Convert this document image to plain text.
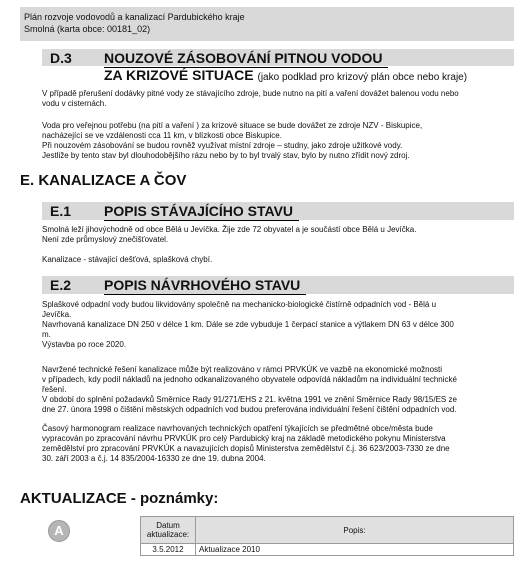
Plán rozvoje vodovodů a kanalizací Pardubického kraje
Smolná (karta obce: 00181_02)
D.3 NOUZOVÉ ZÁSOBOVÁNÍ PITNOU VODOU
ZA KRIZOVÉ SITUACE (jako podklad pro krizový plán obce nebo kraje)

V případě přerušení dodávky pitné vody ze stávajícího zdroje, bude nutno na pití a vaření dovážet balenou vodu nebo

vodu v cisternách.

Voda pro veřejnou potřebu (na pití a vaření ) za krizové situace se bude dovážet ze zdroje NZV - Biskupice,

nacházející se ve vzdálenosti cca 11 km, v blízkosti obce Biskupice.

Při nouzovém zásobování se budou rovněž využívat místní zdroje – studny, jako zdroje užitkové vody.

Jestliže by tento stav byl dlouhodobějšího rázu nebo by to byl trvalý stav, bylo by nutno zřídit nový zdroj.

E. KANALIZACE A ČOV
E.1 POPIS STÁVAJÍCÍHO STAVU

Smolná leží jihovýchodně od obce Bělá u Jevíčka. Žije zde 72 obyvatel a je součástí obce Bělá u Jevíčka.

Není zde průmyslový znečišťovatel.

Kanalizace - stávající dešťová, splašková chybí.

E.2 POPIS NÁVRHOVÉHO STAVU

Splaškové odpadní vody budou likvidovány společně na mechanicko-biologické čistírně odpadních vod - Bělá u

Jevíčka.

Navrhovaná kanalizace DN 250 v délce 1 km. Dále se zde vybuduje 1 čerpací stanice a výtlakem DN 63 v délce 300

m.

Výstavba po roce 2020.

Navržené technické řešení kanalizace může být realizováno v rámci PRVKÚK ve vazbě na ekonomické možnosti

v případech, kdy podíl nákladů na jednoho odkanalizovaného obyvatele odpovídá nákladům na individuální technické

řešení.

V období do splnění požadavků Směrnice Rady 91/271/EHS z 21. května 1991 ve znění Směrnice Rady 98/15/ES ze

dne 27. února 1998 o čištění městských odpadních vod budou preferována individuální řešení čištění odpadních vod.

Časový harmonogram realizace navrhovaných technických opatření týkajících se předmětné obce/města bude

vypracován po zpracování návrhu PRVKÚK pro celý Pardubický kraj na základě metodického pokynu Ministerstva

zemědělství pro zpracování PRVKÚK a navazujících dopisů Ministerstva zemědělství č.j. 36 623/2003-7330 ze dne

30. září 2003 a č.j. 14 835/2004-16330 ze dne 19. dubna 2004.

AKTUALIZACE - poznámky:
A	Datum aktualizace:	Popis:
	3.5.2012	Aktualizace 2010
